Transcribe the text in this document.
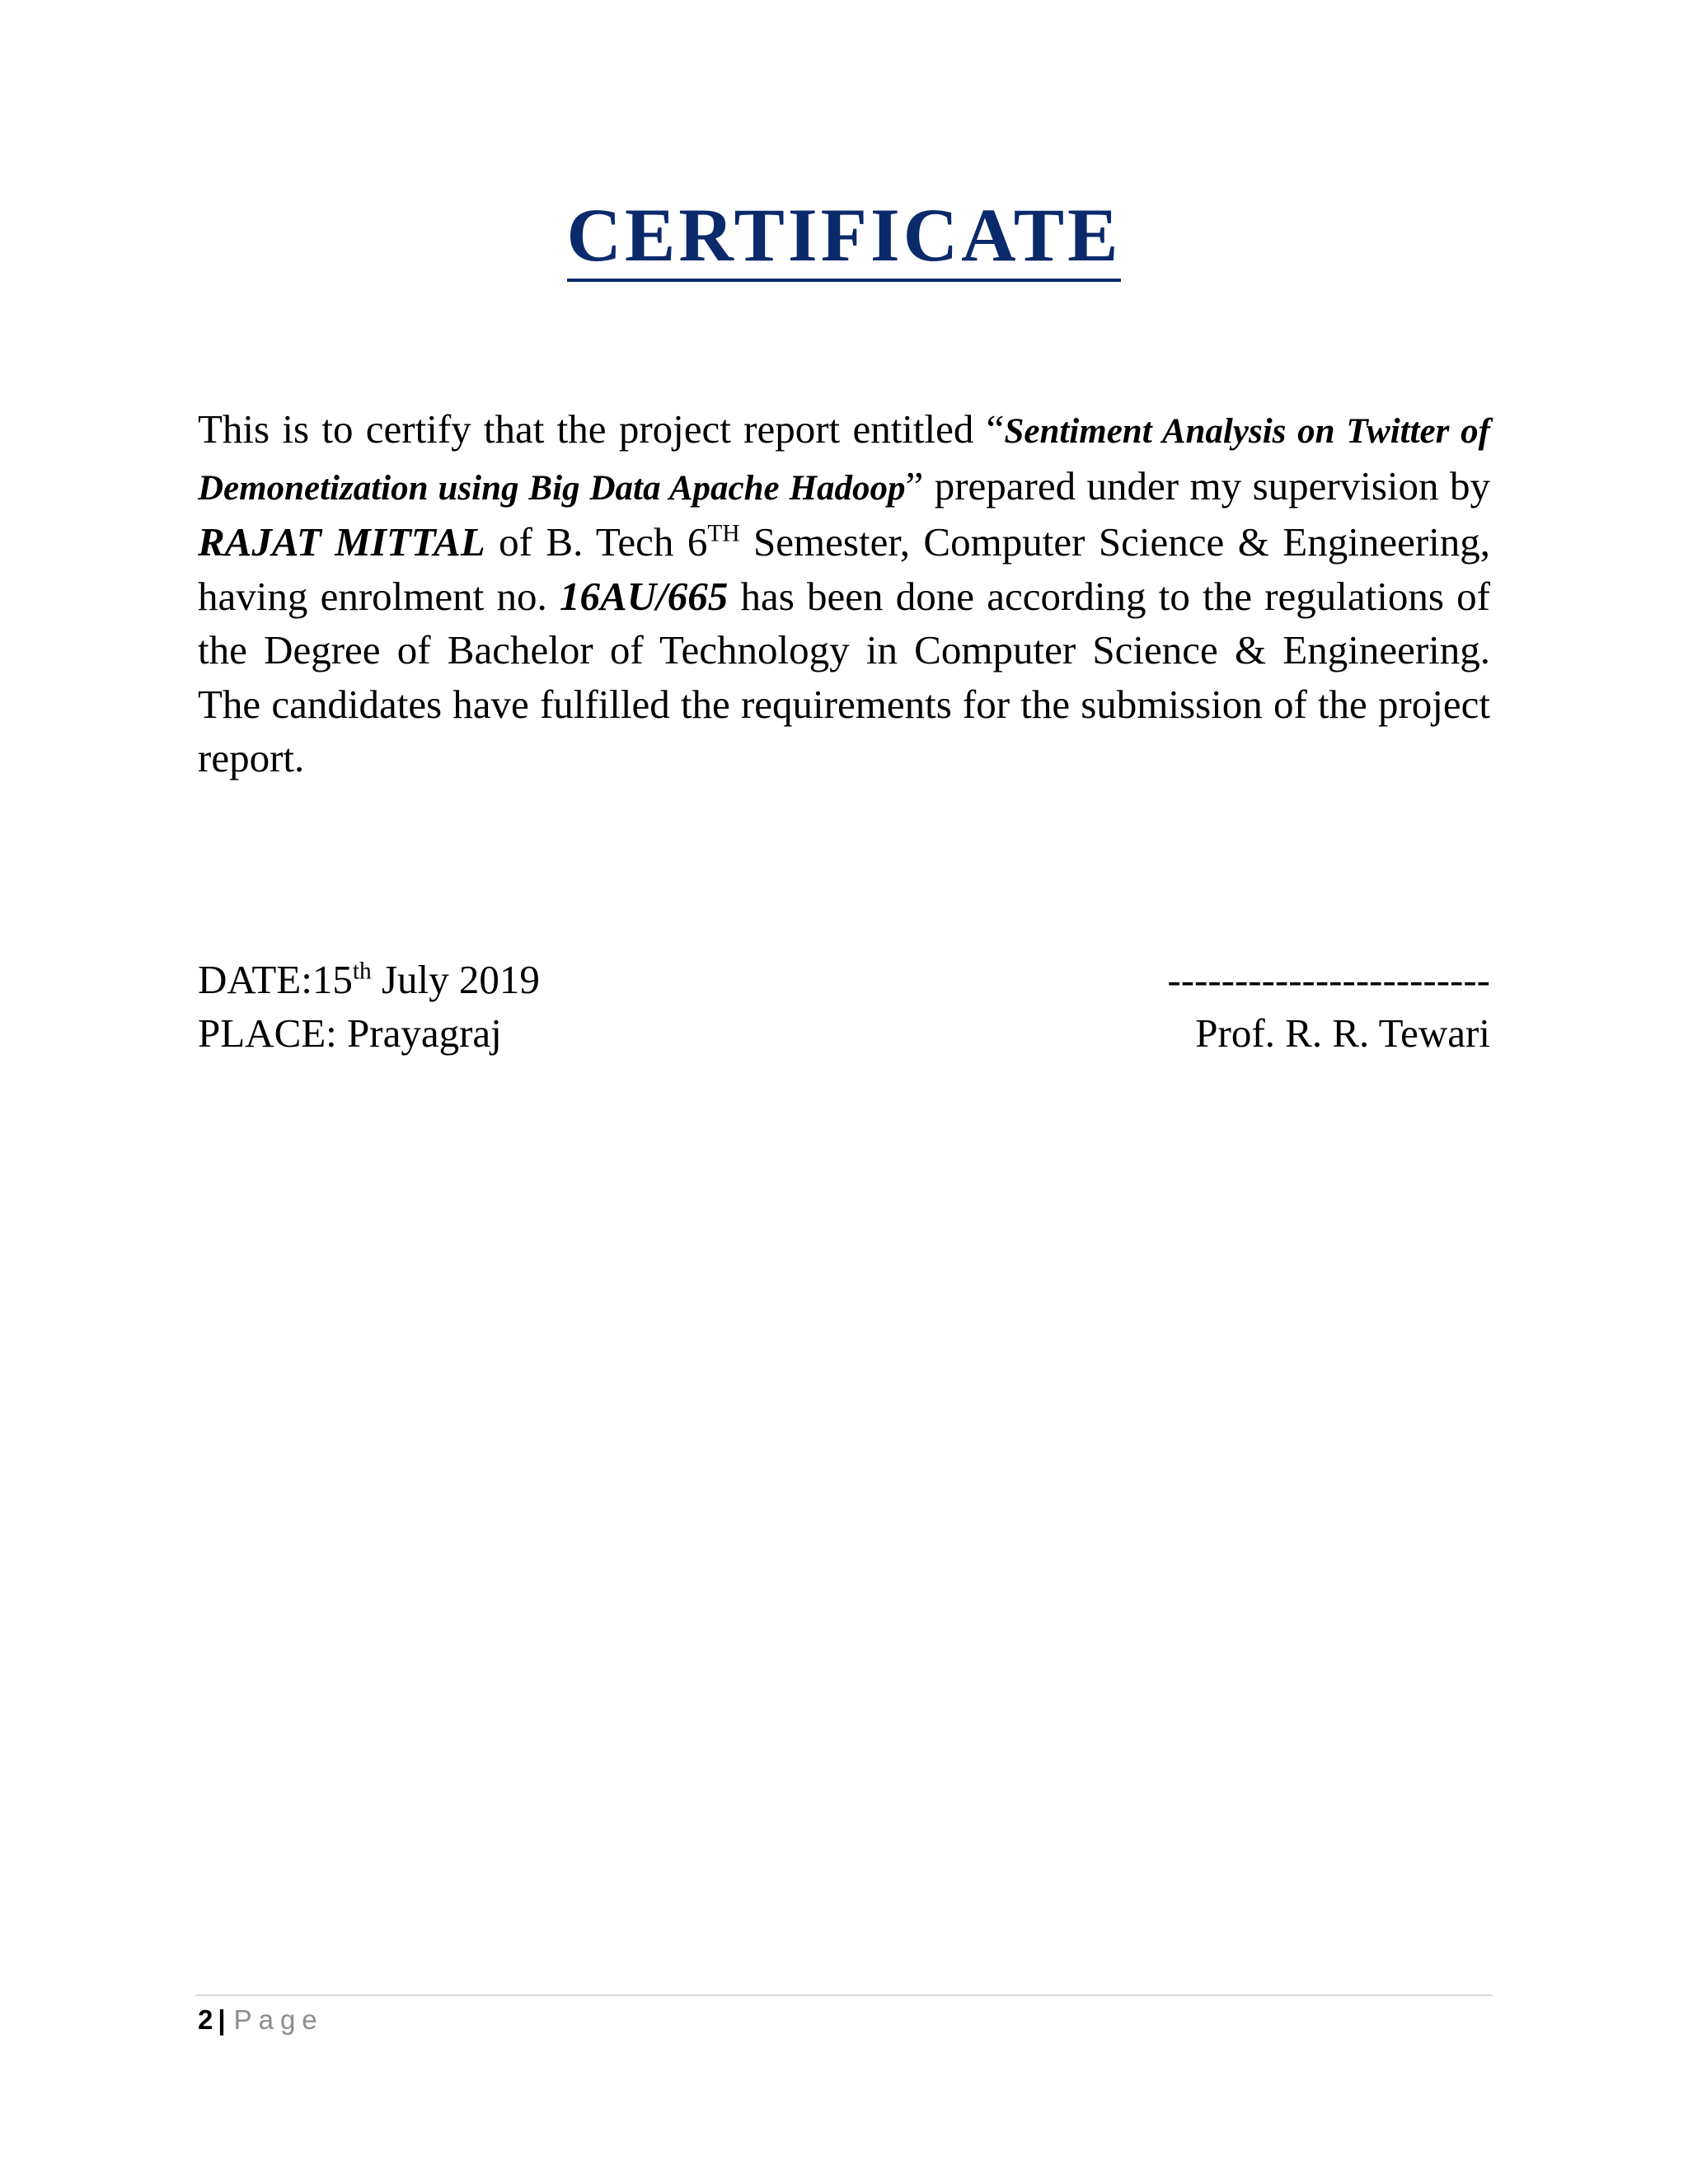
CERTIFICATE

This is to certify that the project report entitled “Sentiment Analysis on Twitter of Demonetization using Big Data Apache Hadoop” prepared under my supervision by RAJAT MITTAL of B. Tech 6TH Semester, Computer Science & Engineering, having enrolment no. 16AU/665 has been done according to the regulations of the Degree of Bachelor of Technology in Computer Science & Engineering. The candidates have fulfilled the requirements for the submission of the project report.

DATE:15th July 2019	------------------------
PLACE: Prayagraj	Prof. R. R. Tewari
2 | Page
